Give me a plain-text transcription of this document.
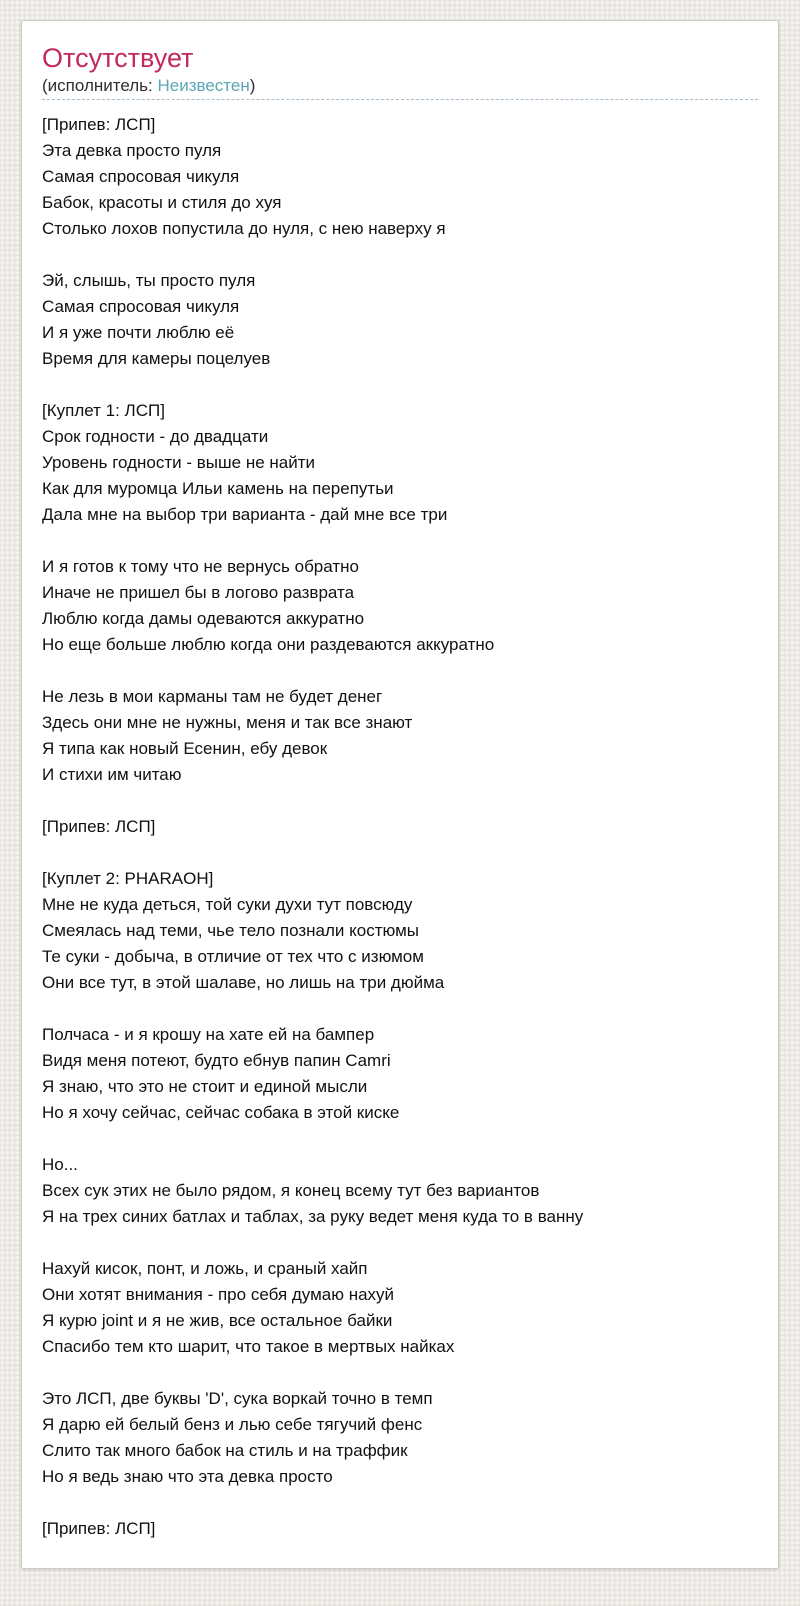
Отсутствует
(исполнитель: Неизвестен)
[Припев: ЛСП]
Эта девка просто пуля
Самая спросовая чикуля
Бабок, красоты и стиля до хуя
Столько лохов попустила до нуля, с нею наверху я
Эй, слышь, ты просто пуля
Самая спросовая чикуля
И я уже почти люблю её
Время для камеры поцелуев
[Куплет 1: ЛСП]
Срок годности - до двадцати
Уровень годности - выше не найти
Как для муромца Ильи камень на перепутьи
Дала мне на выбор три варианта - дай мне все три
И я готов к тому что не вернусь обратно
Иначе не пришел бы в логово разврата
Люблю когда дамы одеваются аккуратно
Но еще больше люблю когда они раздеваются аккуратно
Не лезь в мои карманы там не будет денег
Здесь они мне не нужны, меня и так все знают
Я типа как новый Есенин, ебу девок
И стихи им читаю
[Припев: ЛСП]
[Куплет 2: PHARAOH]
Мне не куда деться, той суки духи тут повсюду
Смеялась над теми, чье тело познали костюмы
Те суки - добыча, в отличие от тех что с изюмом
Они все тут, в этой шалаве, но лишь на три дюйма
Полчаса - и я крошу на хате ей на бампер
Видя меня потеют, будто ебнув папин Camri
Я знаю, что это не стоит и единой мысли
Но я хочу сейчас, сейчас собака в этой киске
Но...
Всех сук этих не было рядом, я конец всему тут без вариантов
Я на трех синих батлах и таблах, за руку ведет меня куда то в ванну
Нахуй кисок, понт, и ложь, и сраный хайп
Они хотят внимания - про себя думаю нахуй
Я курю joint и я не жив, все остальное байки
Спасибо тем кто шарит, что такое в мертвых найках
Это ЛСП, две буквы 'D', сука воркай точно в темп
Я дарю ей белый бенз и лью себе тягучий фенс
Слито так много бабок на стиль и на траффик
Но я ведь знаю что эта девка просто
[Припев: ЛСП]
